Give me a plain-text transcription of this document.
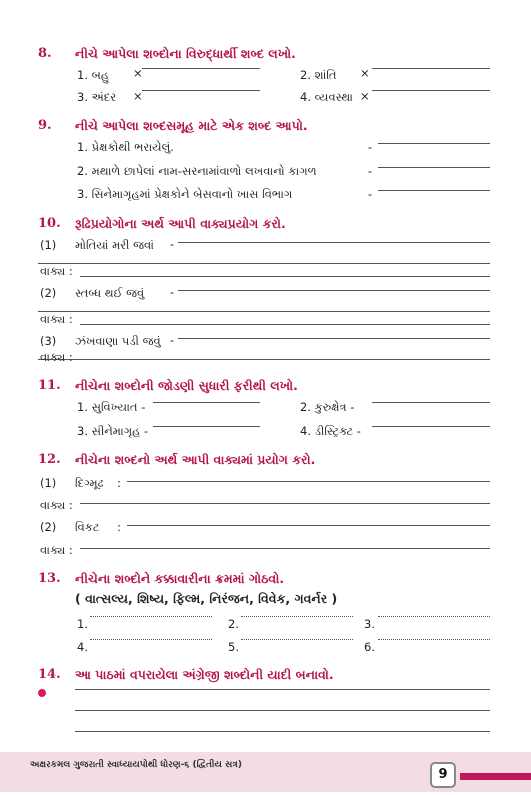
8. નીચે આપેલા શબ્દોના વિરુદ્ધાર્થી શબ્દ લખો.
1. બહુ ×	2. શાંતિ ×
3. અંદર ×	4. વ્યવસ્થા ×
9. નીચે આપેલા શબ્દસમૂહ માટે એક શબ્દ આપો.
1. પ્રેક્ષકોથી ભરાયેલું.	-
2. મથાળે છાપેલાં નામ-સરનામાંવાળો લખવાનો કાગળ	-
3. સિનેમાગૃહમાં પ્રેક્ષકોને બેસવાનો ખાસ વિભાગ	-
10. રૂઢિપ્રયોગોના અર્થ આપી વાક્યપ્રયોગ કરો.
(1) મોતિયાં મરી જવાં -
વાક્ય :
(2) સ્તબ્ધ થઈ જવું -
વાક્ય :
(3) ઝંખવાણા પડી જવું -
વાક્ય :
11. નીચેના શબ્દોની જોડણી સુધારી ફરીથી લખો.
1. સુવિખ્યાત -	2. કુરુક્ષેત્ર -
3. સીનેમાગૃહ -	4. ડીસ્ટ્રિક્ટ -
12. નીચેના શબ્દનો અર્થ આપી વાક્યમાં પ્રયોગ કરો.
(1) દિગ્મૂઢ :
વાક્ય :
(2) વિકટ :
વાક્ય :
13. નીચેના શબ્દોને કક્કાવારીના ક્રમમાં ગોઠવો.
( વાત્સલ્ય, શિષ્ય, ફિલ્મ, નિરંજન, વિવેક, ગવર્નર )
1.	2.	3.
4.	5.	6.
14. આ પાઠમાં વપરાયેલા અંગ્રેજી શબ્દોની યાદી બનાવો.
અક્ષરકમલ ગુજરાતી સ્વાધ્યાયપોથી ધોરણ-૬ (દ્વિતીય સત્ર)
9
